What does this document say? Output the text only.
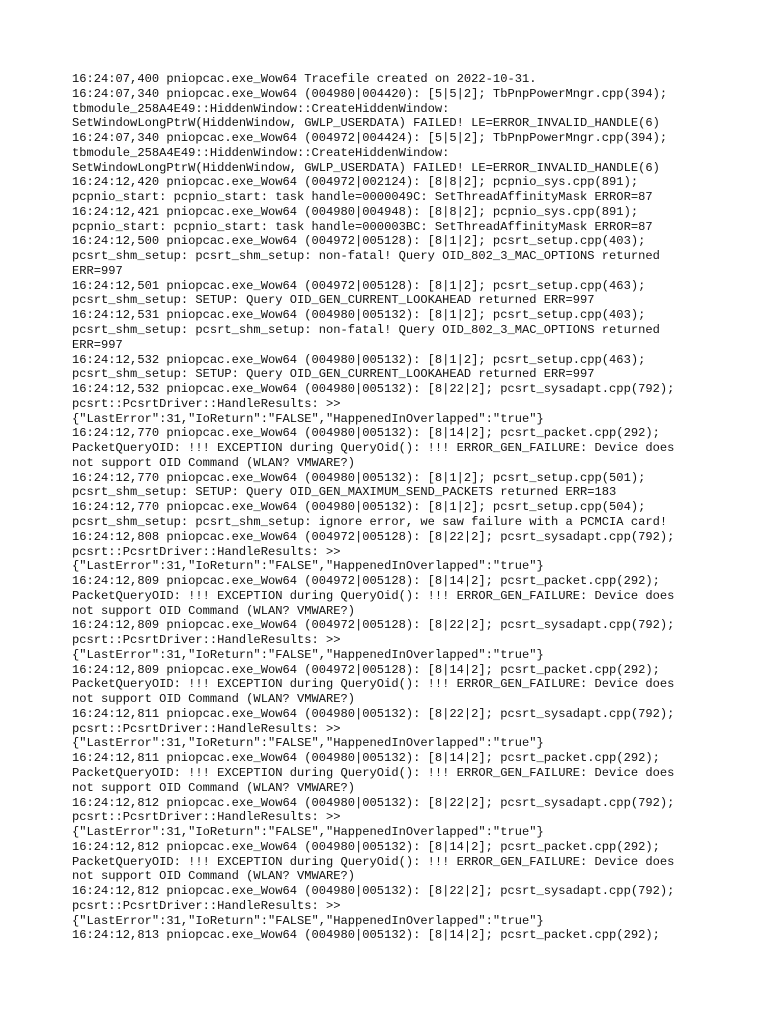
16:24:07,400 pniopcac.exe_Wow64 Tracefile created on 2022-10-31.
16:24:07,340 pniopcac.exe_Wow64 (004980|004420): [5|5|2]; TbPnpPowerMngr.cpp(394);
tbmodule_258A4E49::HiddenWindow::CreateHiddenWindow:
SetWindowLongPtrW(HiddenWindow, GWLP_USERDATA) FAILED! LE=ERROR_INVALID_HANDLE(6)
16:24:07,340 pniopcac.exe_Wow64 (004972|004424): [5|5|2]; TbPnpPowerMngr.cpp(394);
tbmodule_258A4E49::HiddenWindow::CreateHiddenWindow:
SetWindowLongPtrW(HiddenWindow, GWLP_USERDATA) FAILED! LE=ERROR_INVALID_HANDLE(6)
16:24:12,420 pniopcac.exe_Wow64 (004972|002124): [8|8|2]; pcpnio_sys.cpp(891);
pcpnio_start: pcpnio_start: task handle=0000049C: SetThreadAffinityMask ERROR=87
16:24:12,421 pniopcac.exe_Wow64 (004980|004948): [8|8|2]; pcpnio_sys.cpp(891);
pcpnio_start: pcpnio_start: task handle=000003BC: SetThreadAffinityMask ERROR=87
16:24:12,500 pniopcac.exe_Wow64 (004972|005128): [8|1|2]; pcsrt_setup.cpp(403);
pcsrt_shm_setup: pcsrt_shm_setup: non-fatal! Query OID_802_3_MAC_OPTIONS returned
ERR=997
16:24:12,501 pniopcac.exe_Wow64 (004972|005128): [8|1|2]; pcsrt_setup.cpp(463);
pcsrt_shm_setup: SETUP: Query OID_GEN_CURRENT_LOOKAHEAD returned ERR=997
16:24:12,531 pniopcac.exe_Wow64 (004980|005132): [8|1|2]; pcsrt_setup.cpp(403);
pcsrt_shm_setup: pcsrt_shm_setup: non-fatal! Query OID_802_3_MAC_OPTIONS returned
ERR=997
16:24:12,532 pniopcac.exe_Wow64 (004980|005132): [8|1|2]; pcsrt_setup.cpp(463);
pcsrt_shm_setup: SETUP: Query OID_GEN_CURRENT_LOOKAHEAD returned ERR=997
16:24:12,532 pniopcac.exe_Wow64 (004980|005132): [8|22|2]; pcsrt_sysadapt.cpp(792);
pcsrt::PcsrtDriver::HandleResults: >>
{"LastError":31,"IoReturn":"FALSE","HappenedInOverlapped":"true"}
16:24:12,770 pniopcac.exe_Wow64 (004980|005132): [8|14|2]; pcsrt_packet.cpp(292);
PacketQueryOID: !!! EXCEPTION during QueryOid(): !!! ERROR_GEN_FAILURE: Device does
not support OID Command (WLAN? VMWARE?)
16:24:12,770 pniopcac.exe_Wow64 (004980|005132): [8|1|2]; pcsrt_setup.cpp(501);
pcsrt_shm_setup: SETUP: Query OID_GEN_MAXIMUM_SEND_PACKETS returned ERR=183
16:24:12,770 pniopcac.exe_Wow64 (004980|005132): [8|1|2]; pcsrt_setup.cpp(504);
pcsrt_shm_setup: pcsrt_shm_setup: ignore error, we saw failure with a PCMCIA card!
16:24:12,808 pniopcac.exe_Wow64 (004972|005128): [8|22|2]; pcsrt_sysadapt.cpp(792);
pcsrt::PcsrtDriver::HandleResults: >>
{"LastError":31,"IoReturn":"FALSE","HappenedInOverlapped":"true"}
16:24:12,809 pniopcac.exe_Wow64 (004972|005128): [8|14|2]; pcsrt_packet.cpp(292);
PacketQueryOID: !!! EXCEPTION during QueryOid(): !!! ERROR_GEN_FAILURE: Device does
not support OID Command (WLAN? VMWARE?)
16:24:12,809 pniopcac.exe_Wow64 (004972|005128): [8|22|2]; pcsrt_sysadapt.cpp(792);
pcsrt::PcsrtDriver::HandleResults: >>
{"LastError":31,"IoReturn":"FALSE","HappenedInOverlapped":"true"}
16:24:12,809 pniopcac.exe_Wow64 (004972|005128): [8|14|2]; pcsrt_packet.cpp(292);
PacketQueryOID: !!! EXCEPTION during QueryOid(): !!! ERROR_GEN_FAILURE: Device does
not support OID Command (WLAN? VMWARE?)
16:24:12,811 pniopcac.exe_Wow64 (004980|005132): [8|22|2]; pcsrt_sysadapt.cpp(792);
pcsrt::PcsrtDriver::HandleResults: >>
{"LastError":31,"IoReturn":"FALSE","HappenedInOverlapped":"true"}
16:24:12,811 pniopcac.exe_Wow64 (004980|005132): [8|14|2]; pcsrt_packet.cpp(292);
PacketQueryOID: !!! EXCEPTION during QueryOid(): !!! ERROR_GEN_FAILURE: Device does
not support OID Command (WLAN? VMWARE?)
16:24:12,812 pniopcac.exe_Wow64 (004980|005132): [8|22|2]; pcsrt_sysadapt.cpp(792);
pcsrt::PcsrtDriver::HandleResults: >>
{"LastError":31,"IoReturn":"FALSE","HappenedInOverlapped":"true"}
16:24:12,812 pniopcac.exe_Wow64 (004980|005132): [8|14|2]; pcsrt_packet.cpp(292);
PacketQueryOID: !!! EXCEPTION during QueryOid(): !!! ERROR_GEN_FAILURE: Device does
not support OID Command (WLAN? VMWARE?)
16:24:12,812 pniopcac.exe_Wow64 (004980|005132): [8|22|2]; pcsrt_sysadapt.cpp(792);
pcsrt::PcsrtDriver::HandleResults: >>
{"LastError":31,"IoReturn":"FALSE","HappenedInOverlapped":"true"}
16:24:12,813 pniopcac.exe_Wow64 (004980|005132): [8|14|2]; pcsrt_packet.cpp(292);
